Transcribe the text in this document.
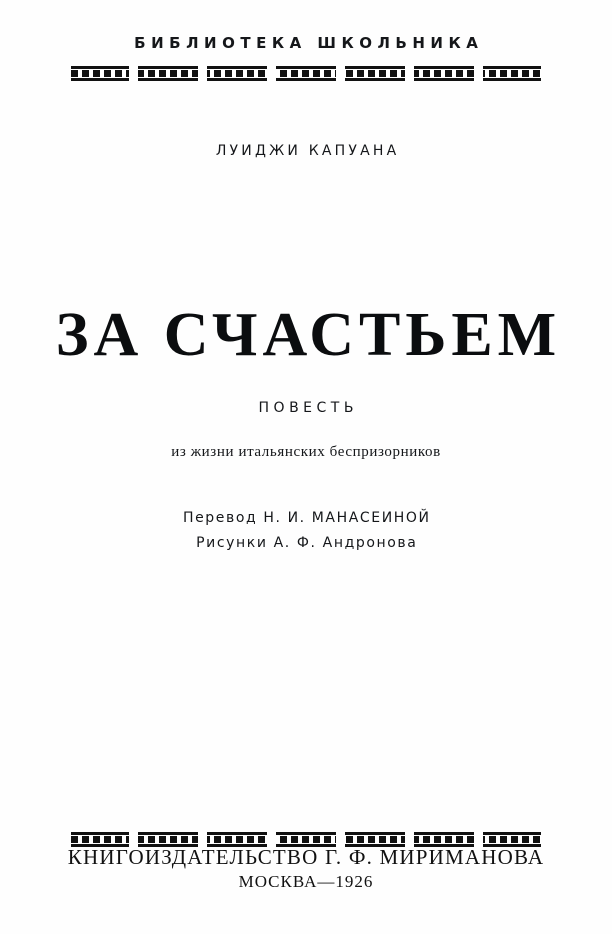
БИБЛИОТЕКА ШКОЛЬНИКА
ЛУИДЖИ КАПУАНА
ЗА СЧАСТЬЕМ
ПОВЕСТЬ
из жизни итальянских беспризорников
Перевод Н. И. МАНАСЕИНОЙ
Рисунки А. Ф. Андронова
КНИГОИЗДАТЕЛЬСТВО Г. Ф. МИРИМАНОВА
МОСКВА—1926
